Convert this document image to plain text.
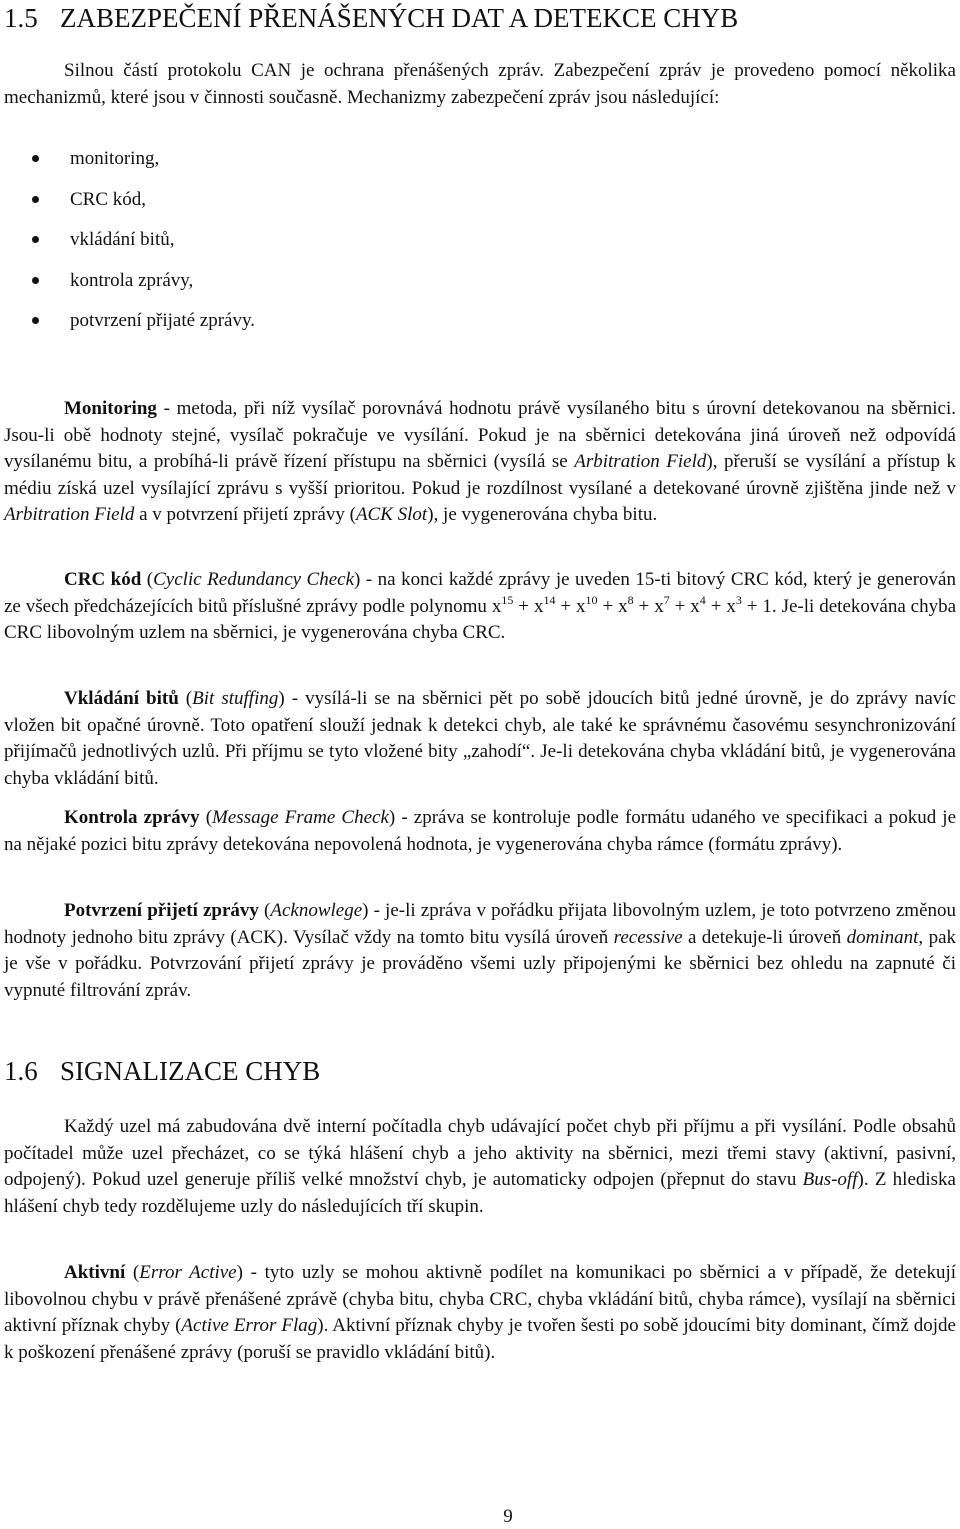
1.5 ZABEZPEČENÍ PŘENÁŠENÝCH DAT A DETEKCE CHYB

Silnou částí protokolu CAN je ochrana přenášených zpráv. Zabezpečení zpráv je provedeno pomocí několika mechanizmů, které jsou v činnosti současně. Mechanizmy zabezpečení zpráv jsou následující:

monitoring,
CRC kód,
vkládání bitů,
kontrola zprávy,
potvrzení přijaté zprávy.

Monitoring - metoda, při níž vysílač porovnává hodnotu právě vysílaného bitu s úrovní detekovanou na sběrnici. Jsou-li obě hodnoty stejné, vysílač pokračuje ve vysílání. Pokud je na sběrnici detekována jiná úroveň než odpovídá vysílanému bitu, a probíhá-li právě řízení přístupu na sběrnici (vysílá se Arbitration Field), přeruší se vysílání a přístup k médiu získá uzel vysílající zprávu s vyšší prioritou. Pokud je rozdílnost vysílané a detekované úrovně zjištěna jinde než v Arbitration Field a v potvrzení přijetí zprávy (ACK Slot), je vygenerována chyba bitu.

CRC kód (Cyclic Redundancy Check) - na konci každé zprávy je uveden 15-ti bitový CRC kód, který je generován ze všech předcházejících bitů příslušné zprávy podle polynomu $x^{15} + x^{14} + x^{10} + x^8 + x^7 + x^4 + x^3 + 1$. Je-li detekována chyba CRC libovolným uzlem na sběrnici, je vygenerována chyba CRC.

Vkládání bitů (Bit stuffing) - vysílá-li se na sběrnici pět po sobě jdoucích bitů jedné úrovně, je do zprávy navíc vložen bit opačné úrovně. Toto opatření slouží jednak k detekci chyb, ale také ke správnému časovému sesynchronizování přijímačů jednotlivých uzlů. Při příjmu se tyto vložené bity „zahodí“. Je-li detekována chyba vkládání bitů, je vygenerována chyba vkládání bitů.

Kontrola zprávy (Message Frame Check) - zpráva se kontroluje podle formátu udaného ve specifikaci a pokud je na nějaké pozici bitu zprávy detekována nepovolená hodnota, je vygenerována chyba rámce (formátu zprávy).

Potvrzení přijetí zprávy (Acknowlege) - je-li zpráva v pořádku přijata libovolným uzlem, je toto potvrzeno změnou hodnoty jednoho bitu zprávy (ACK). Vysílač vždy na tomto bitu vysílá úroveň recessive a detekuje-li úroveň dominant, pak je vše v pořádku. Potvrzování přijetí zprávy je prováděno všemi uzly připojenými ke sběrnici bez ohledu na zapnuté či vypnuté filtrování zpráv.

1.6 SIGNALIZACE CHYB

Každý uzel má zabudována dvě interní počítadla chyb udávající počet chyb při příjmu a při vysílání. Podle obsahů počítadel může uzel přecházet, co se týká hlášení chyb a jeho aktivity na sběrnici, mezi třemi stavy (aktivní, pasivní, odpojený). Pokud uzel generuje příliš velké množství chyb, je automaticky odpojen (přepnut do stavu Bus-off). Z hlediska hlášení chyb tedy rozdělujeme uzly do následujících tří skupin.

Aktivní (Error Active) - tyto uzly se mohou aktivně podílet na komunikaci po sběrnici a v případě, že detekují libovolnou chybu v právě přenášené zprávě (chyba bitu, chyba CRC, chyba vkládání bitů, chyba rámce), vysílají na sběrnici aktivní příznak chyby (Active Error Flag). Aktivní příznak chyby je tvořen šesti po sobě jdoucími bity dominant, čímž dojde k poškození přenášené zprávy (poruší se pravidlo vkládání bitů).

9
